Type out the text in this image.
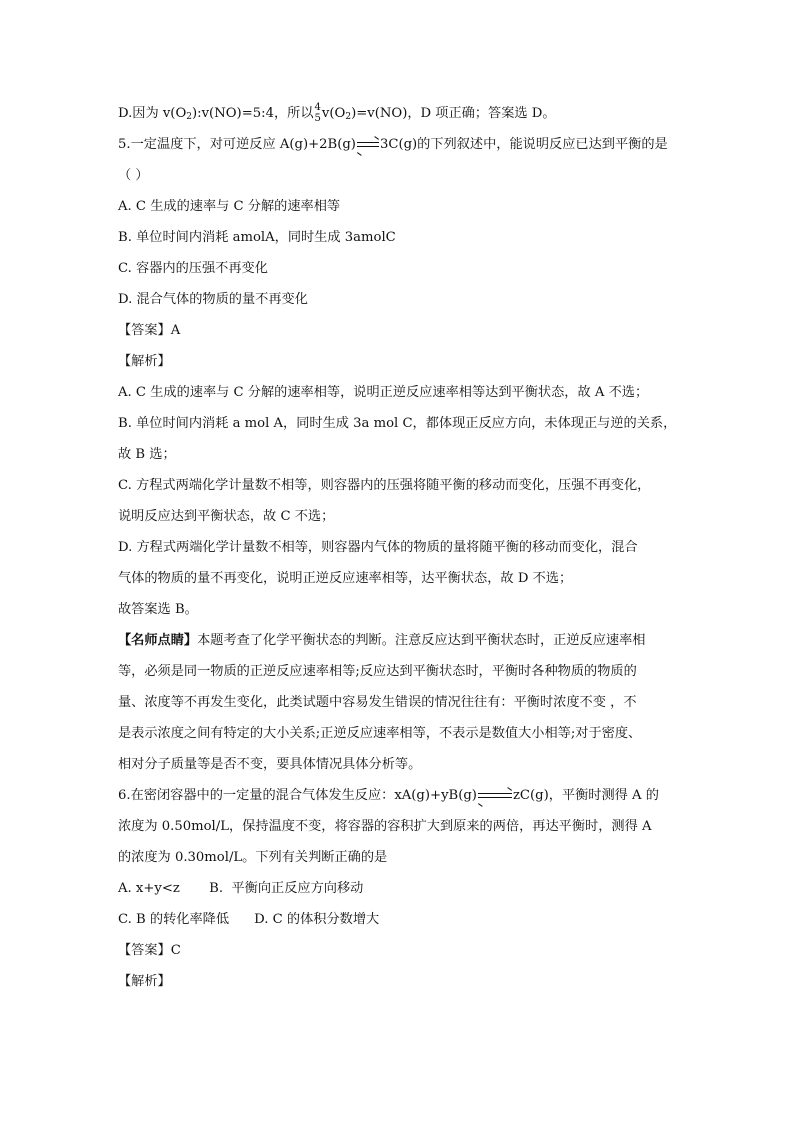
D.因为 $v(O_2):v(NO)=5:4$，所以 4
5 $v(O_2)=v(NO)$，D 项正确；答案选 D。
5.一定温度下，对可逆反应 A(g)+2B(g)→3C(g)的下列叙述中，能说明反应已达到平衡的是
（ ）
A. C 生成的速率与 C 分解的速率相等
B. 单位时间内消耗 amolA，同时生成 3amolC
C. 容器内的压强不再变化
D. 混合气体的物质的量不再变化
【答案】A
【解析】
A. C 生成的速率与 C 分解的速率相等，说明正逆反应速率相等达到平衡状态，故 A 不选；
B. 单位时间内消耗 a mol A，同时生成 3a mol C，都体现正反应方向，未体现正与逆的关系，
故 B 选；
C. 方程式两端化学计量数不相等，则容器内的压强将随平衡的移动而变化，压强不再变化，
说明反应达到平衡状态，故 C 不选；
D. 方程式两端化学计量数不相等，则容器内气体的物质的量将随平衡的移动而变化，混合
气体的物质的量不再变化，说明正逆反应速率相等，达平衡状态，故 D 不选；
故答案选 B。
【名师点睛】本题考查了化学平衡状态的判断。注意反应达到平衡状态时，正逆反应速率相
等，必须是同一物质的正逆反应速率相等;反应达到平衡状态时，平衡时各种物质的物质的
量、浓度等不再发生变化，此类试题中容易发生错误的情况往往有：平衡时浓度不变 ，不
是表示浓度之间有特定的大小关系;正逆反应速率相等，不表示是数值大小相等;对于密度、
相对分子质量等是否不变，要具体情况具体分析等。
6.在密闭容器中的一定量的混合气体发生反应：xA(g)+yB(g)→zC(g)，平衡时测得 A 的
浓度为 0.50mol/L，保持温度不变，将容器的容积扩大到原来的两倍，再达平衡时，测得 A
的浓度为 0.30mol/L。下列有关判断正确的是
A. x+y<z       B.  平衡向正反应方向移动
C. B 的转化率降低      D. C 的体积分数增大
【答案】C
【解析】
